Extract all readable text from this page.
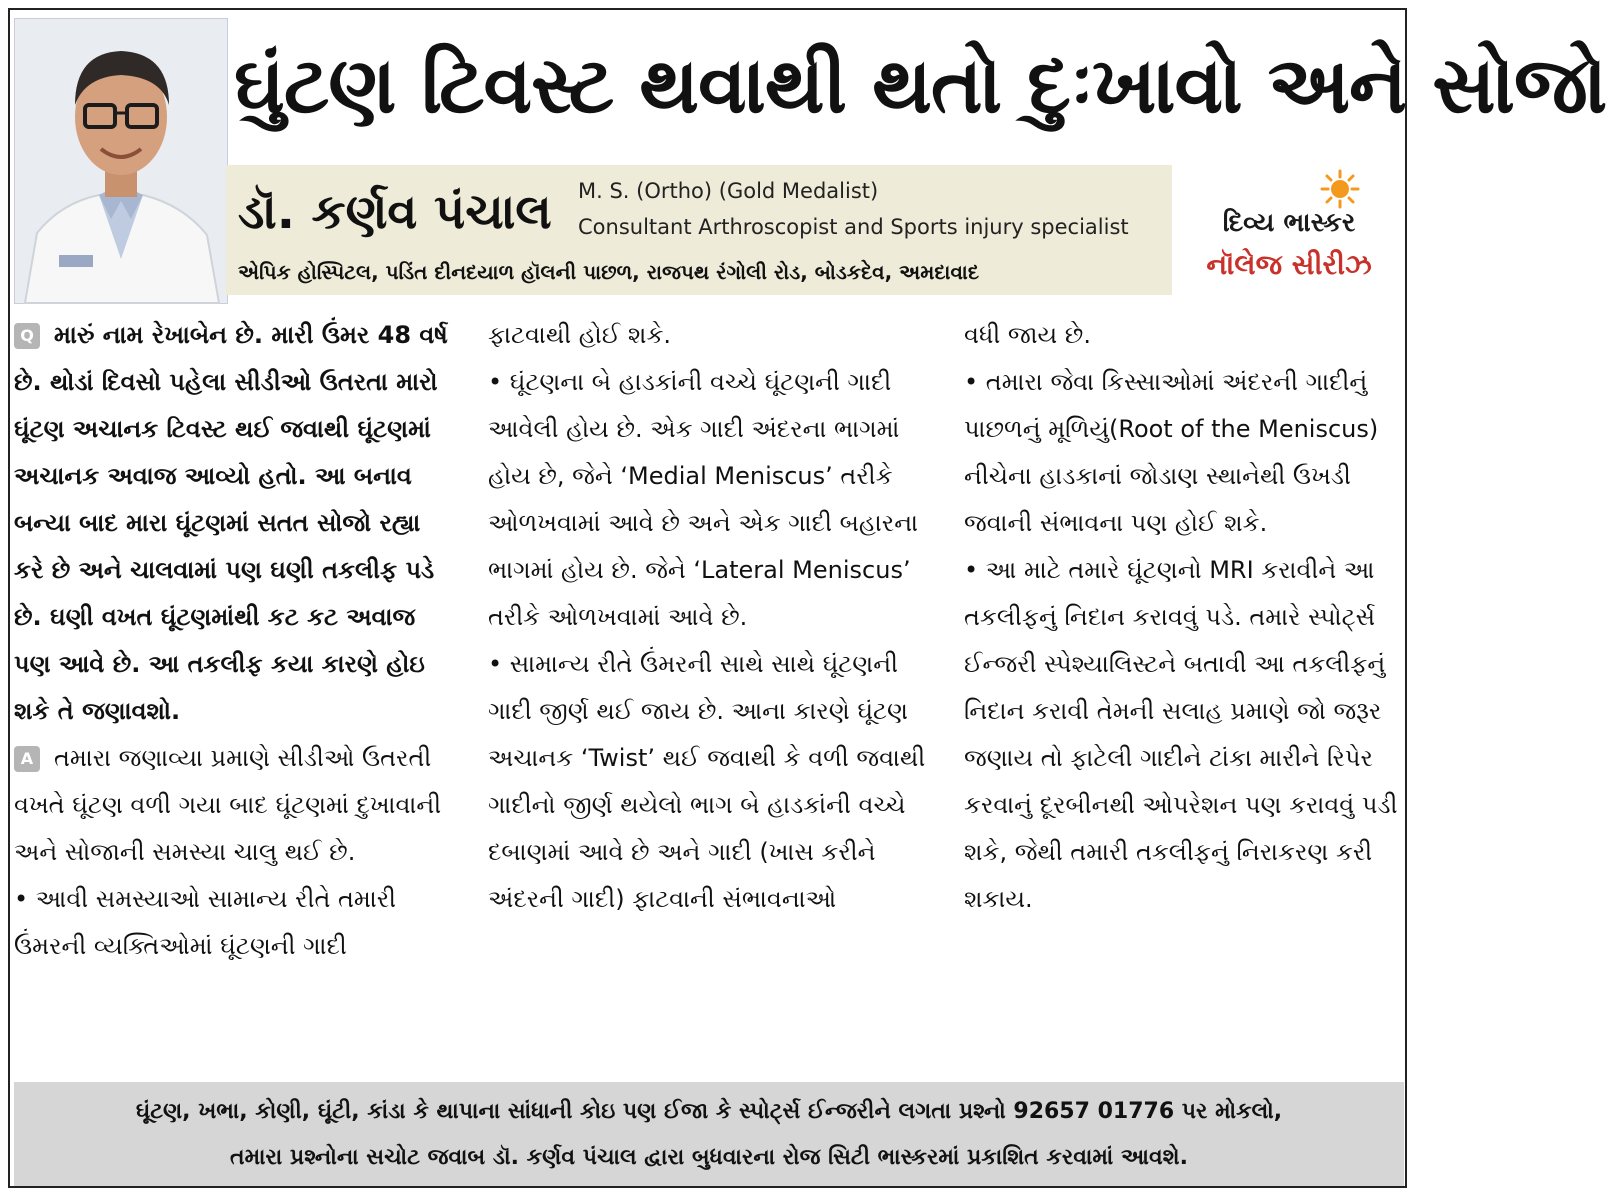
ઘુંટણ ટિવસ્ટ થવાથી થતો દુઃખાવો અને સોજો
ડૉ. કર્ણવ પંચાલ	M. S. (Ortho) (Gold Medalist)
Consultant Arthroscopist and Sports injury specialist
એપિક હોસ્પિટલ, પડિંત દીનદયાળ હૉલની પાછળ, રાજપથ રંગોલી રોડ, બોડકદેવ, અમદાવાદ
દિવ્ય ભાસ્કર
નૉલેજ સીરીઝ

Q મારું નામ રેખાબેન છે. મારી ઉંમર 48 વર્ષ છે. થોડાં દિવસો પહેલા સીડીઓ ઉતરતા મારો ઘૂંટણ અચાનક ટિવસ્ટ થઈ જવાથી ઘૂંટણમાં અચાનક અવાજ આવ્યો હતો. આ બનાવ બન્યા બાદ મારા ઘૂંટણમાં સતત સોજો રહ્યા કરે છે અને ચાલવામાં પણ ઘણી તકલીફ પડે છે. ઘણી વખત ઘૂંટણમાંથી કટ કટ અવાજ પણ આવે છે. આ તકલીફ કયા કારણે હોઇ શકે તે જણાવશો.

A તમારા જણાવ્યા પ્રમાણે સીડીઓ ઉતરતી વખતે ઘૂંટણ વળી ગયા બાદ ઘૂંટણમાં દુખાવાની અને સોજાની સમસ્યા ચાલુ થઈ છે.

• આવી સમસ્યાઓ સામાન્ય રીતે તમારી ઉંમરની વ્યક્તિઓમાં ઘૂંટણની ગાદી

ફાટવાથી હોઈ શકે.

• ઘૂંટણના બે હાડકાંની વચ્ચે ઘૂંટણની ગાદી આવેલી હોય છે. એક ગાદી અંદરના ભાગમાં હોય છે, જેને ‘Medial Meniscus’ તરીકે ઓળખવામાં આવે છે અને એક ગાદી બહારના ભાગમાં હોય છે. જેને ‘Lateral Meniscus’ તરીકે ઓળખવામાં આવે છે.

• સામાન્ય રીતે ઉંમરની સાથે સાથે ઘૂંટણની ગાદી જીર્ણ થઈ જાય છે. આના કારણે ઘૂંટણ અચાનક ‘Twist’ થઈ જવાથી કે વળી જવાથી ગાદીનો જીર્ણ થયેલો ભાગ બે હાડકાંની વચ્ચે દબાણમાં આવે છે અને ગાદી (ખાસ કરીને અંદરની ગાદી) ફાટવાની સંભાવનાઓ

વધી જાય છે.

• તમારા જેવા કિસ્સાઓમાં અંદરની ગાદીનું પાછળનું મૂળિયું(Root of the Meniscus) નીચેના હાડકાનાં જોડાણ સ્થાનેથી ઉખડી જવાની સંભાવના પણ હોઈ શકે.

• આ માટે તમારે ઘૂંટણનો MRI કરાવીને આ તકલીફનું નિદાન કરાવવું પડે. તમારે સ્પોર્ટ્સ ઈન્જરી સ્પેશ્યાલિસ્ટને બતાવી આ તકલીફનું નિદાન કરાવી તેમની સલાહ પ્રમાણે જો જરૂર જણાય તો ફાટેલી ગાદીને ટાંકા મારીને રિપેર કરવાનું દૂરબીનથી ઓપરેશન પણ કરાવવું પડી શકે, જેથી તમારી તકલીફનું નિરાકરણ કરી શકાય.

ઘૂંટણ, ખભા, કોણી, ઘૂંટી, કાંડા કે થાપાના સાંધાની કોઇ પણ ઈજા કે સ્પોર્ટ્સ ઈન્જરીને લગતા પ્રશ્નો 92657 01776 પર મોકલો,
તમારા પ્રશ્નોના સચોટ જવાબ ડૉ. કર્ણવ પંચાલ દ્વારા બુધવારના રોજ સિટી ભાસ્કરમાં પ્રકાશિત કરવામાં આવશે.
